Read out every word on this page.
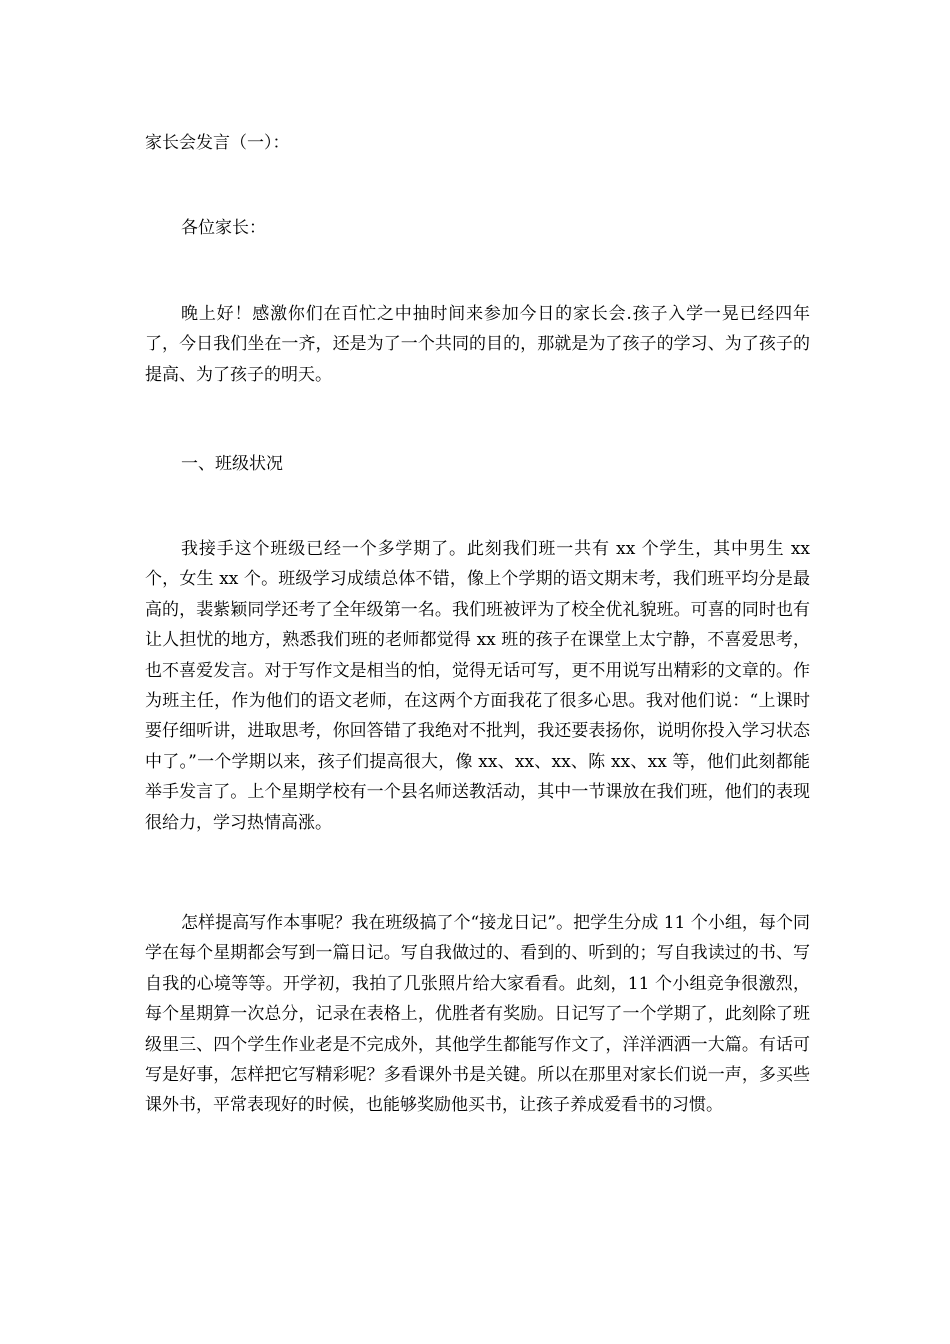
家长会发言（一）：

各位家长：

晚上好！感激你们在百忙之中抽时间来参加今日的家长会.孩子入学一晃已经四年了，今日我们坐在一齐，还是为了一个共同的目的，那就是为了孩子的学习、为了孩子的提高、为了孩子的明天。

一、班级状况

我接手这个班级已经一个多学期了。此刻我们班一共有 xx 个学生，其中男生 xx 个，女生 xx 个。班级学习成绩总体不错，像上个学期的语文期末考，我们班平均分是最高的，裴紫颖同学还考了全年级第一名。我们班被评为了校全优礼貌班。可喜的同时也有让人担忧的地方，熟悉我们班的老师都觉得 xx 班的孩子在课堂上太宁静，不喜爱思考，也不喜爱发言。对于写作文是相当的怕，觉得无话可写，更不用说写出精彩的文章的。作为班主任，作为他们的语文老师，在这两个方面我花了很多心思。我对他们说：“上课时要仔细听讲，进取思考，你回答错了我绝对不批判，我还要表扬你，说明你投入学习状态中了。”一个学期以来，孩子们提高很大，像 xx、xx、xx、陈 xx、xx 等，他们此刻都能举手发言了。上个星期学校有一个县名师送教活动，其中一节课放在我们班，他们的表现很给力，学习热情高涨。

怎样提高写作本事呢？我在班级搞了个“接龙日记”。把学生分成 11 个小组，每个同学在每个星期都会写到一篇日记。写自我做过的、看到的、听到的；写自我读过的书、写自我的心境等等。开学初，我拍了几张照片给大家看看。此刻，11 个小组竞争很激烈，每个星期算一次总分，记录在表格上，优胜者有奖励。日记写了一个学期了，此刻除了班级里三、四个学生作业老是不完成外，其他学生都能写作文了，洋洋洒洒一大篇。有话可写是好事，怎样把它写精彩呢？多看课外书是关键。所以在那里对家长们说一声，多买些课外书，平常表现好的时候，也能够奖励他买书，让孩子养成爱看书的习惯。
